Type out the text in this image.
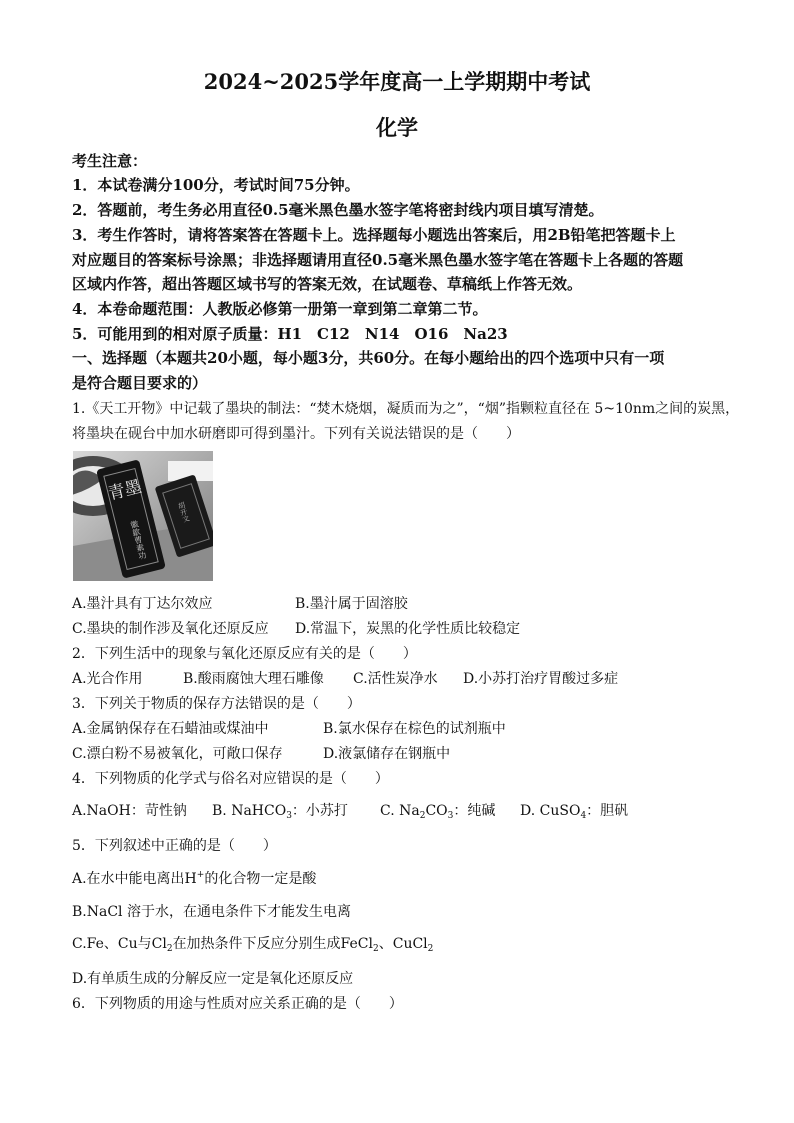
2024~2025学年度高一上学期期中考试
化学
考生注意：
1．本试卷满分100分，考试时间75分钟。
2．答题前，考生务必用直径0.5毫米黑色墨水签字笔将密封线内项目填写清楚。
3．考生作答时，请将答案答在答题卡上。选择题每小题选出答案后，用2B铅笔把答题卡上
对应题目的答案标号涂黑；非选择题请用直径0.5毫米黑色墨水签字笔在答题卡上各题的答题
区域内作答，超出答题区域书写的答案无效，在试题卷、草稿纸上作答无效。
4．本卷命题范围：人教版必修第一册第一章到第二章第二节。
5．可能用到的相对原子质量：H1　C12　N14　O16　Na23
一、选择题（本题共20小题，每小题3分，共60分。在每小题给出的四个选项中只有一项
是符合题目要求的）
1.《天工开物》中记载了墨块的制法：“焚木烧烟，凝质而为之”，“烟”指颗粒直径在 5~10nm之间的炭黑，
将墨块在砚台中加水研磨即可得到墨汁。下列有关说法错误的是（　　）
青墨
徽歙曹素功
胡开文
A.墨汁具有丁达尔效应	B.墨汁属于固溶胶
C.墨块的制作涉及氧化还原反应 D.常温下，炭黑的化学性质比较稳定
2．下列生活中的现象与氧化还原反应有关的是（　　）
A.光合作用	B.酸雨腐蚀大理石雕像 C.活性炭净水 D.小苏打治疗胃酸过多症
3．下列关于物质的保存方法错误的是（　　）
A.金属钠保存在石蜡油或煤油中	B.氯水保存在棕色的试剂瓶中
C.漂白粉不易被氧化，可敞口保存	D.液氯储存在钢瓶中
4．下列物质的化学式与俗名对应错误的是（　　）
A.NaOH：苛性钠 B. NaHCO$_3$：小苏打 C. $Na_2CO_3$：纯碱 D. CuSO$_4$：胆矾
5．下列叙述中正确的是（　　）
A.在水中能电离出H+的化合物一定是酸
B.NaCl 溶于水，在通电条件下才能发生电离
C.Fe、Cu与$Cl_2$在加热条件下反应分别生成FeCl$_2$、CuCl$_2$
D.有单质生成的分解反应一定是氧化还原反应
6．下列物质的用途与性质对应关系正确的是（　　）
